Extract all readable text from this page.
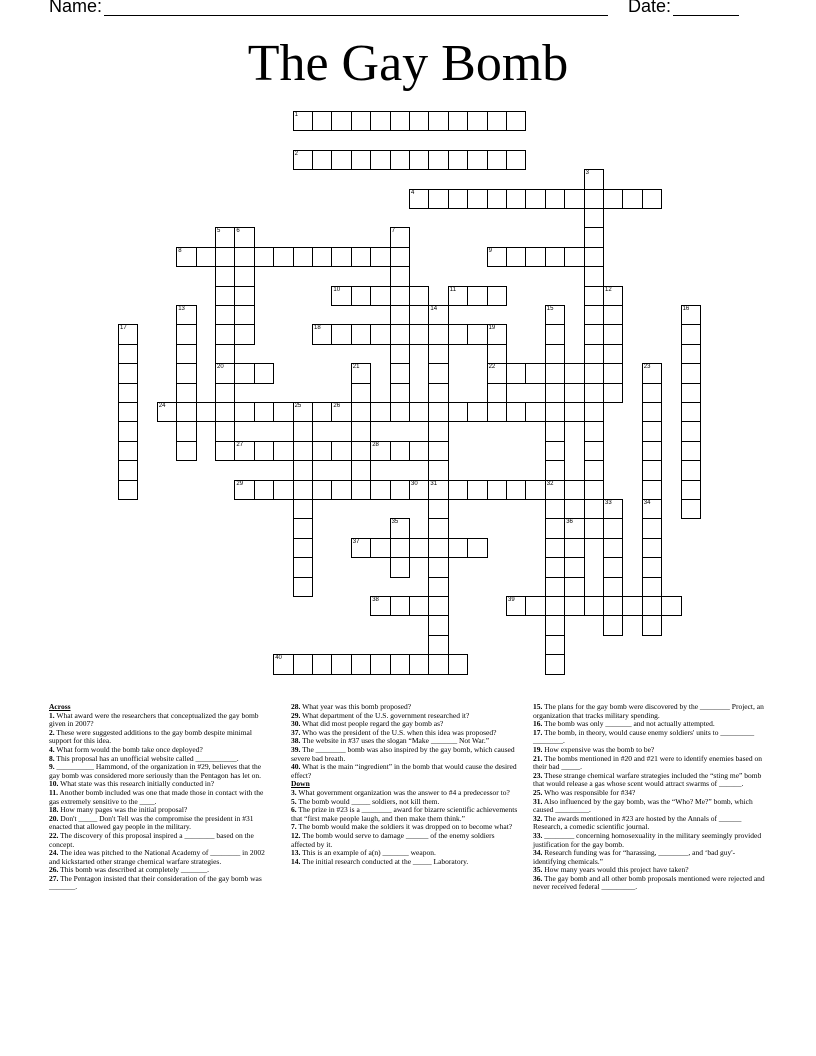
Name:	Date:
The Gay Bomb
1
2
3
4
5
20
6	7
8	9
10	11	12
13	14
31
15
32
16
17	18	19
22
21	23
24	25	26
27	28
29	30
33	34
35	36
37
38	39
40
Across
1. What award were the researchers that conceptualized the gay bomb given in 2007?
2. These were suggested additions to the gay bomb despite minimal support for this idea.
4. What form would the bomb take once deployed?
8. This proposal has an unofficial website called ___________.
9. __________ Hammond, of the organization in #29, believes that the gay bomb was considered more seriously than the Pentagon has let on.
10. What state was this research initially conducted in?
11. Another bomb included was one that made those in contact with the gas extremely sensitive to the ____.
18. How many pages was the initial proposal?
20. Don't _____ Don't Tell was the compromise the president in #31 enacted that allowed gay people in the military.
22. The discovery of this proposal inspired a ________ based on the concept.
24. The idea was pitched to the National Academy of ________ in 2002 and kickstarted other strange chemical warfare strategies.
26. This bomb was described at completely _______.
27. The Pentagon insisted that their consideration of the gay bomb was _______.
28. What year was this bomb proposed?
29. What department of the U.S. government researched it?
30. What did most people regard the gay bomb as?
37. Who was the president of the U.S. when this idea was proposed?
38. The website in #37 uses the slogan “Make _______ Not War.”
39. The ________ bomb was also inspired by the gay bomb, which caused severe bad breath.
40. What is the main “ingredient” in the bomb that would cause the desired effect?
Down
3. What government organization was the answer to #4 a predecessor to?
5. The bomb would _____ soldiers, not kill them.
6. The prize in #23 is a ________ award for bizarre scientific achievements that “first make people laugh, and then make them think.”
7. The bomb would make the soldiers it was dropped on to become what?
12. The bomb would serve to damage ______ of the enemy soldiers affected by it.
13. This is an example of a(n) _______ weapon.
14. The initial research conducted at the _____ Laboratory.
15. The plans for the gay bomb were discovered by the ________ Project, an organization that tracks military spending.
16. The bomb was only _______ and not actually attempted.
17. The bomb, in theory, would cause enemy soldiers' units to _________ ________.
19. How expensive was the bomb to be?
21. The bombs mentioned in #20 and #21 were to identify enemies based on their bad _____.
23. These strange chemical warfare strategies included the “sting me” bomb that would release a gas whose scent would attract swarms of ______.
25. Who was responsible for #34?
31. Also influenced by the gay bomb, was the “Who? Me?” bomb, which caused _________.
32. The awards mentioned in #23 are hosted by the Annals of ______ Research, a comedic scientific journal.
33. ________ concerning homosexuality in the military seemingly provided justification for the gay bomb.
34. Research funding was for “harassing, ________, and ‘bad guy'-identifying chemicals.”
35. How many years would this project have taken?
36. The gay bomb and all other bomb proposals mentioned were rejected and never received federal _________.
